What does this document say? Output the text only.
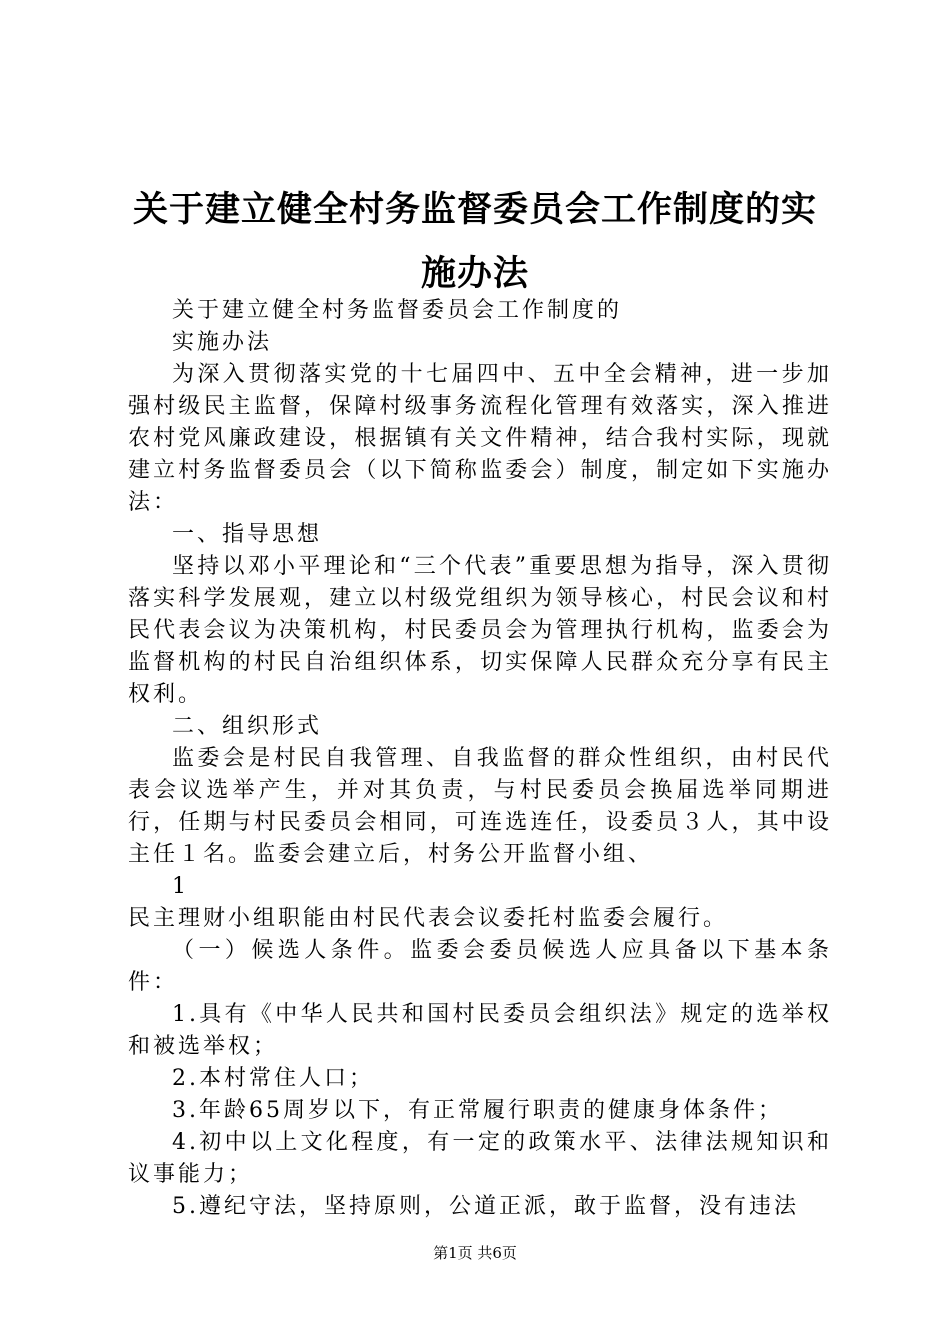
关于建立健全村务监督委员会工作制度的实施办法

关于建立健全村务监督委员会工作制度的

实施办法

为深入贯彻落实党的十七届四中、五中全会精神，进一步加强村级民主监督，保障村级事务流程化管理有效落实，深入推进农村党风廉政建设，根据镇有关文件精神，结合我村实际，现就建立村务监督委员会（以下简称监委会）制度，制定如下实施办法：

一、指导思想

坚持以邓小平理论和“三个代表”重要思想为指导，深入贯彻落实科学发展观，建立以村级党组织为领导核心，村民会议和村民代表会议为决策机构，村民委员会为管理执行机构，监委会为监督机构的村民自治组织体系，切实保障人民群众充分享有民主权利。

二、组织形式

监委会是村民自我管理、自我监督的群众性组织，由村民代表会议选举产生，并对其负责，与村民委员会换届选举同期进行，任期与村民委员会相同，可连选连任，设委员３人，其中设主任１名。监委会建立后，村务公开监督小组、

1

民主理财小组职能由村民代表会议委托村监委会履行。

（一）候选人条件。监委会委员候选人应具备以下基本条件：

1.具有《中华人民共和国村民委员会组织法》规定的选举权和被选举权；

2.本村常住人口；

3.年龄65周岁以下，有正常履行职责的健康身体条件；

4.初中以上文化程度，有一定的政策水平、法律法规知识和议事能力；

5.遵纪守法，坚持原则，公道正派，敢于监督，没有违法

第1页 共6页
